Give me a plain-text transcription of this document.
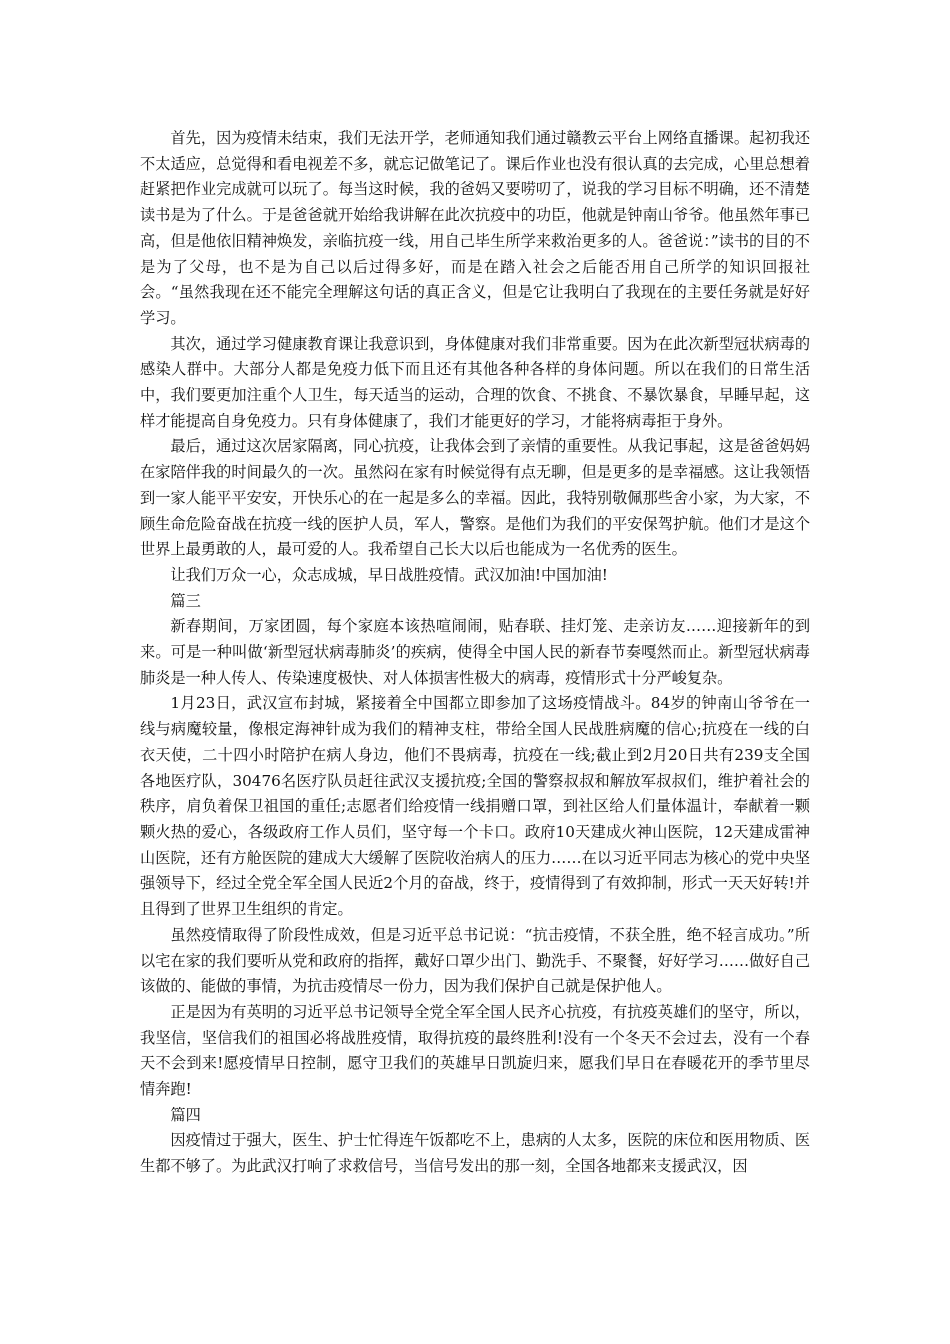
首先，因为疫情未结束，我们无法开学，老师通知我们通过赣教云平台上网络直播课。起初我还不太适应，总觉得和看电视差不多，就忘记做笔记了。课后作业也没有很认真的去完成，心里总想着赶紧把作业完成就可以玩了。每当这时候，我的爸妈又要唠叨了，说我的学习目标不明确，还不清楚读书是为了什么。于是爸爸就开始给我讲解在此次抗疫中的功臣，他就是钟南山爷爷。他虽然年事已高，但是他依旧精神焕发，亲临抗疫一线，用自己毕生所学来救治更多的人。爸爸说：”读书的目的不是为了父母，也不是为自己以后过得多好，而是在踏入社会之后能否用自己所学的知识回报社会。“虽然我现在还不能完全理解这句话的真正含义，但是它让我明白了我现在的主要任务就是好好学习。

其次，通过学习健康教育课让我意识到，身体健康对我们非常重要。因为在此次新型冠状病毒的感染人群中。大部分人都是免疫力低下而且还有其他各种各样的身体问题。所以在我们的日常生活中，我们要更加注重个人卫生，每天适当的运动，合理的饮食、不挑食、不暴饮暴食，早睡早起，这样才能提高自身免疫力。只有身体健康了，我们才能更好的学习，才能将病毒拒于身外。

最后，通过这次居家隔离，同心抗疫，让我体会到了亲情的重要性。从我记事起，这是爸爸妈妈在家陪伴我的时间最久的一次。虽然闷在家有时候觉得有点无聊，但是更多的是幸福感。这让我领悟到一家人能平平安安，开快乐心的在一起是多么的幸福。因此，我特别敬佩那些舍小家，为大家，不顾生命危险奋战在抗疫一线的医护人员，军人，警察。是他们为我们的平安保驾护航。他们才是这个世界上最勇敢的人，最可爱的人。我希望自己长大以后也能成为一名优秀的医生。

让我们万众一心，众志成城，早日战胜疫情。武汉加油!中国加油!

篇三

新春期间，万家团圆，每个家庭本该热喧闹闹，贴春联、挂灯笼、走亲访友……迎接新年的到来。可是一种叫做‘新型冠状病毒肺炎’的疾病，使得全中国人民的新春节奏嘎然而止。新型冠状病毒肺炎是一种人传人、传染速度极快、对人体损害性极大的病毒，疫情形式十分严峻复杂。

1月23日，武汉宣布封城，紧接着全中国都立即参加了这场疫情战斗。84岁的钟南山爷爷在一线与病魔较量，像根定海神针成为我们的精神支柱，带给全国人民战胜病魔的信心;抗疫在一线的白衣天使，二十四小时陪护在病人身边，他们不畏病毒，抗疫在一线;截止到2月20日共有239支全国各地医疗队，30476名医疗队员赶往武汉支援抗疫;全国的警察叔叔和解放军叔叔们，维护着社会的秩序，肩负着保卫祖国的重任;志愿者们给疫情一线捐赠口罩，到社区给人们量体温计，奉献着一颗颗火热的爱心，各级政府工作人员们，坚守每一个卡口。政府10天建成火神山医院，12天建成雷神山医院，还有方舱医院的建成大大缓解了医院收治病人的压力……在以习近平同志为核心的党中央坚强领导下，经过全党全军全国人民近2个月的奋战，终于，疫情得到了有效抑制，形式一天天好转!并且得到了世界卫生组织的肯定。

虽然疫情取得了阶段性成效，但是习近平总书记说：“抗击疫情，不获全胜，绝不轻言成功。”所以宅在家的我们要听从党和政府的指挥，戴好口罩少出门、勤洗手、不聚餐，好好学习……做好自己该做的、能做的事情，为抗击疫情尽一份力，因为我们保护自己就是保护他人。

正是因为有英明的习近平总书记领导全党全军全国人民齐心抗疫，有抗疫英雄们的坚守，所以，我坚信，坚信我们的祖国必将战胜疫情，取得抗疫的最终胜利!没有一个冬天不会过去，没有一个春天不会到来!愿疫情早日控制，愿守卫我们的英雄早日凯旋归来，愿我们早日在春暖花开的季节里尽情奔跑!

篇四

因疫情过于强大，医生、护士忙得连午饭都吃不上，患病的人太多，医院的床位和医用物质、医生都不够了。为此武汉打响了求救信号，当信号发出的那一刻，全国各地都来支援武汉，因
